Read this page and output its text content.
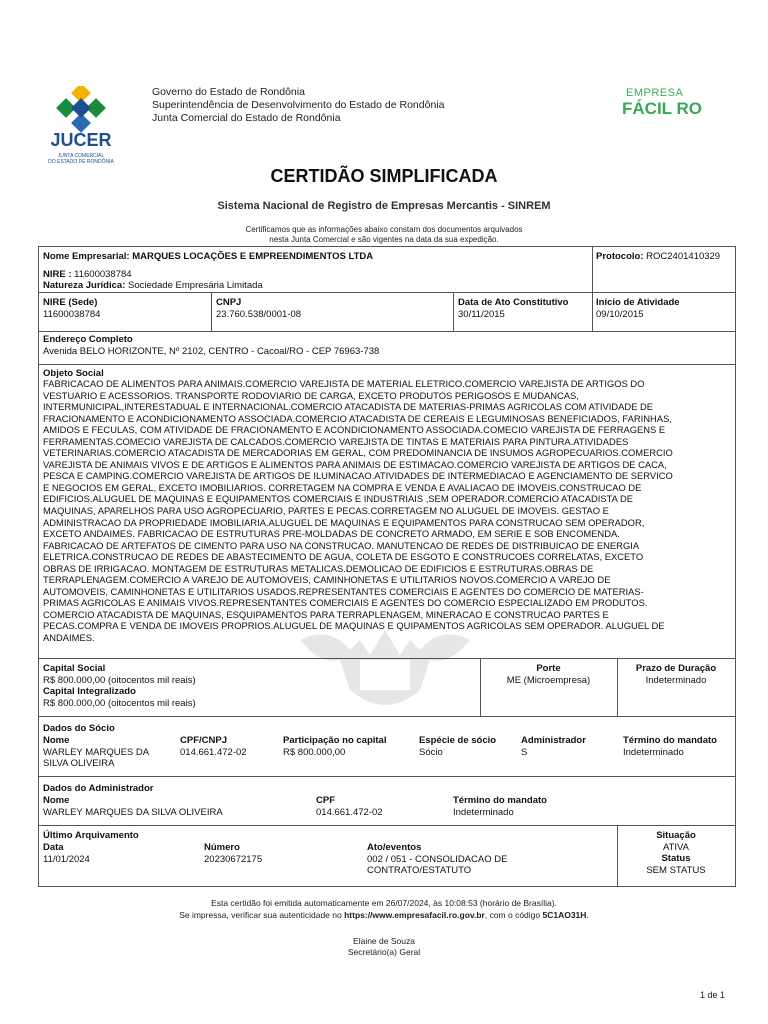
JUCER
JUNTA COMERCIAL
DO ESTADO DE RONDÔNIA
Governo do Estado de Rondônia
Superintendência de Desenvolvimento do Estado de Rondônia
Junta Comercial do Estado de Rondônia
EMPRESA
FÁCIL RO
CERTIDÃO SIMPLIFICADA
Sistema Nacional de Registro de Empresas Mercantis - SINREM
Certificamos que as informações abaixo constam dos documentos arquivados
nesta Junta Comercial e são vigentes na data da sua expedição.
Nome Empresarial: MARQUES LOCAÇÕES E EMPREENDIMENTOS LTDA
NIRE : 11600038784
Natureza Jurídica: Sociedade Empresária Limitada
Protocolo: ROC2401410329
NIRE (Sede)
11600038784
CNPJ
23.760.538/0001-08
Data de Ato Constitutivo
30/11/2015
Início de Atividade
09/10/2015
Endereço Completo
Avenida BELO HORIZONTE, Nº 2102, CENTRO - Cacoal/RO - CEP 76963-738
Objeto Social
FABRICACAO DE ALIMENTOS PARA ANIMAIS.COMERCIO VAREJISTA DE MATERIAL ELETRICO.COMERCIO VAREJISTA DE ARTIGOS DO
VESTUARIO E ACESSORIOS. TRANSPORTE RODOVIARIO DE CARGA, EXCETO PRODUTOS PERIGOSOS E MUDANCAS,
INTERMUNICIPAL,INTERESTADUAL E INTERNACIONAL.COMERCIO ATACADISTA DE MATERIAS-PRIMAS AGRICOLAS COM ATIVIDADE DE
FRACIONAMENTO E ACONDICIONAMENTO ASSOCIADA.COMERCIO ATACADISTA DE CEREAIS E LEGUMINOSAS BENEFICIADOS, FARINHAS,
AMIDOS E FECULAS, COM ATIVIDADE DE FRACIONAMENTO E ACONDICIONAMENTO ASSOCIADA.COMECIO VAREJISTA DE FERRAGENS E
FERRAMENTAS.COMECIO VAREJISTA DE CALCADOS.COMERCIO VAREJISTA DE TINTAS E MATERIAIS PARA PINTURA.ATIVIDADES
VETERINARIAS.COMERCIO ATACADISTA DE MERCADORIAS EM GERAL, COM PREDOMINANCIA DE INSUMOS AGROPECUARIOS.COMERCIO
VAREJISTA DE ANIMAIS VIVOS E DE ARTIGOS E ALIMENTOS PARA ANIMAIS DE ESTIMACAO.COMERCIO VAREJISTA DE ARTIGOS DE CACA,
PESCA E CAMPING.COMERCIO VAREJISTA DE ARTIGOS DE ILUMINACAO.ATIVIDADES DE INTERMEDIACAO E AGENCIAMENTO DE SERVICO
E NEGOCIOS EM GERAL, EXCETO IMOBILIARIOS. CORRETAGEM NA COMPRA E VENDA E AVALIACAO DE IMOVEIS.CONSTRUCAO DE
EDIFICIOS.ALUGUEL DE MAQUINAS E EQUIPAMENTOS COMERCIAIS E INDUSTRIAIS ,SEM OPERADOR.COMERCIO ATACADISTA DE
MAQUINAS, APARELHOS PARA USO AGROPECUARIO, PARTES E PECAS.CORRETAGEM NO ALUGUEL DE IMOVEIS. GESTAO E
ADMINISTRACAO DA PROPRIEDADE IMOBILIARIA.ALUGUEL DE MAQUINAS E EQUIPAMENTOS PARA CONSTRUCAO SEM OPERADOR,
EXCETO ANDAIMES. FABRICACAO DE ESTRUTURAS PRE-MOLDADAS DE CONCRETO ARMADO, EM SERIE E SOB ENCOMENDA.
FABRICACAO DE ARTEFATOS DE CIMENTO PARA USO NA CONSTRUCAO. MANUTENCAO DE REDES DE DISTRIBUICAO DE ENERGIA
ELETRICA.CONSTRUCAO DE REDES DE ABASTECIMENTO DE AGUA, COLETA DE ESGOTO E CONSTRUCOES CORRELATAS, EXCETO
OBRAS DE IRRIGACAO. MONTAGEM DE ESTRUTURAS METALICAS.DEMOLICAO DE EDIFICIOS E ESTRUTURAS.OBRAS DE
TERRAPLENAGEM.COMERCIO A VAREJO DE AUTOMOVEIS, CAMINHONETAS E UTILITARIOS NOVOS.COMERCIO A VAREJO DE
AUTOMOVEIS, CAMINHONETAS E UTILITARIOS USADOS.REPRESENTANTES COMERCIAIS E AGENTES DO COMERCIO DE MATERIAS-
PRIMAS AGRICOLAS E ANIMAIS VIVOS.REPRESENTANTES COMERCIAIS E AGENTES DO COMERCIO ESPECIALIZADO EM PRODUTOS.
COMERCIO ATACADISTA DE MAQUINAS, ESQUIPAMENTOS PARA TERRAPLENAGEM, MINERACAO E CONSTRUCAO PARTES E
PECAS.COMPRA E VENDA DE IMOVEIS PROPRIOS.ALUGUEL DE MAQUINAS E QUIPAMENTOS AGRICOLAS SEM OPERADOR. ALUGUEL DE
ANDAIMES.
Capital Social
R$ 800.000,00 (oitocentos mil reais)
Capital Integralizado
R$ 800.000,00 (oitocentos mil reais)
Porte
ME (Microempresa)
Prazo de Duração
Indeterminado
Dados do Sócio
Nome
WARLEY MARQUES DA
SILVA OLIVEIRA
CPF/CNPJ
014.661.472-02
Participação no capital
R$ 800.000,00
Espécie de sócio
Sócio
Administrador
S
Término do mandato
Indeterminado
Dados do Administrador
Nome
WARLEY MARQUES DA SILVA OLIVEIRA
CPF
014.661.472-02
Término do mandato
Indeterminado
Último Arquivamento
Data
11/01/2024
Número
20230672175
Ato/eventos
002 / 051 - CONSOLIDACAO DE
CONTRATO/ESTATUTO
Situação
ATIVA
Status
SEM STATUS
Esta certidão foi emitida automaticamente em 26/07/2024, às 10:08:53 (horário de Brasília).
Se impressa, verificar sua autenticidade no https://www.empresafacil.ro.gov.br, com o código 5C1AO31H.
Elaine de Souza
Secretário(a) Geral
1 de 1
